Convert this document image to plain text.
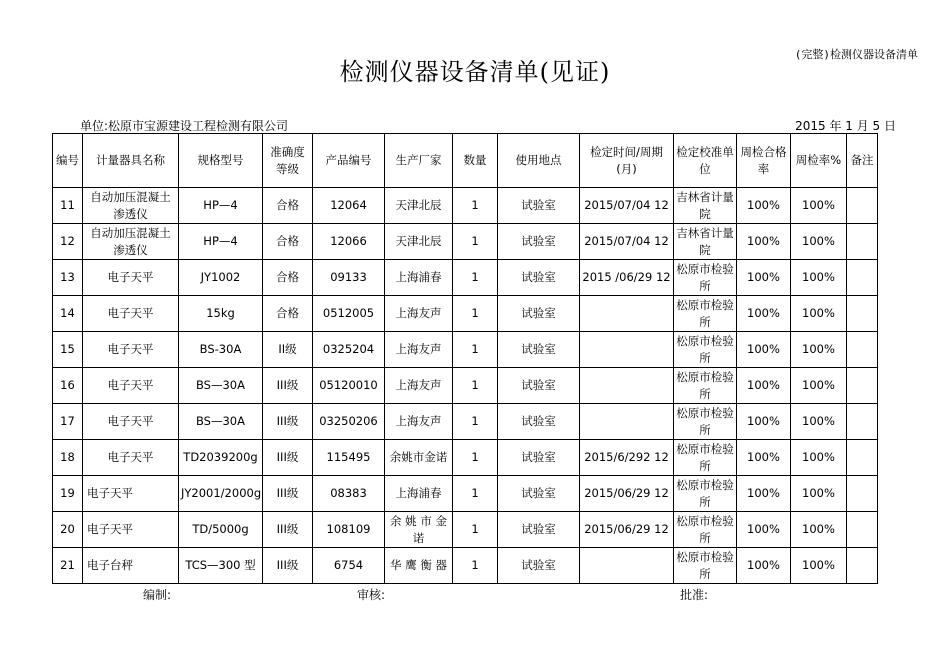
(完整)检测仪器设备清单
检测仪器设备清单(见证)
单位:松原市宝源建设工程检测有限公司	2015 年 1 月 5 日
编号	计量器具名称	规格型号	准确度等级	产品编号	生产厂家	数量	使用地点	检定时间/周期(月)	检定校准单位	周检合格率	周检率%	备注
11	自动加压混凝土渗透仪	HP—4	合格	12064	天津北辰	1	试验室	2015/07/04 12	吉林省计量院	100%	100%	
12	自动加压混凝土渗透仪	HP—4	合格	12066	天津北辰	1	试验室	2015/07/04 12	吉林省计量院	100%	100%	
13	电子天平	JY1002	合格	09133	上海浦春	1	试验室	2015 /06/29 12	松原市检验所	100%	100%	
14	电子天平	15kg	合格	0512005	上海友声	1	试验室		松原市检验所	100%	100%	
15	电子天平	BS-30A	II级	0325204	上海友声	1	试验室		松原市检验所	100%	100%	
16	电子天平	BS—30A	III级	05120010	上海友声	1	试验室		松原市检验所	100%	100%	
17	电子天平	BS—30A	III级	03250206	上海友声	1	试验室		松原市检验所	100%	100%	
18	电子天平	TD2039200g	III级	115495	余姚市金诺	1	试验室	2015/6/292 12	松原市检验所	100%	100%	
19	电子天平	JY2001/2000g	III级	08383	上海浦春	1	试验室	2015/06/29 12	松原市检验所	100%	100%	
20	电子天平	TD/5000g	III级	108109	余 姚 市 金诺	1	试验室	2015/06/29 12	松原市检验所	100%	100%	
21	电子台秤	TCS—300 型	III级	6754	华 鹰 衡 器	1	试验室		松原市检验所	100%	100%	
编制:	审核:	批准:
